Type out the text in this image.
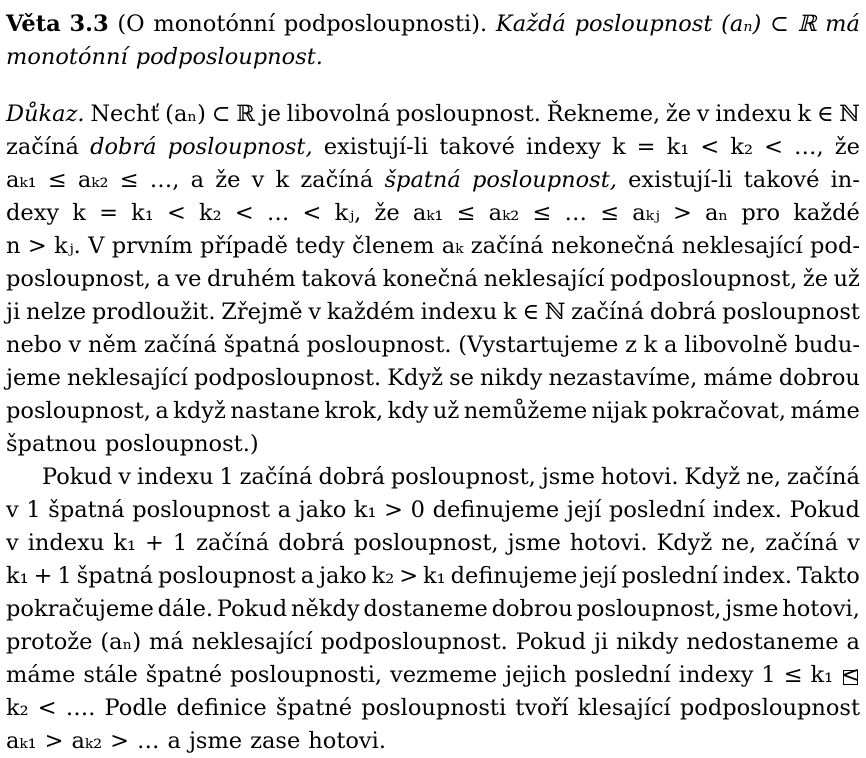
Věta 3.3 (O monotónní podposloupnosti). Každá posloupnost (aₙ) ⊂ ℝ má
monotónní podposloupnost.
Důkaz. Nechť (aₙ) ⊂ ℝ je libovolná posloupnost. Řekneme, že v indexu k ∈ ℕ
začíná dobrá posloupnost, existují-li takové indexy k = k₁ < k₂ < …, že
aₖ₁ ≤ aₖ₂ ≤ …, a že v k začíná špatná posloupnost, existují-li takové in-
dexy k = k₁ < k₂ < … < kⱼ, že aₖ₁ ≤ aₖ₂ ≤ … ≤ aₖⱼ > aₙ pro každé
n > kⱼ. V prvním případě tedy členem aₖ začíná nekonečná neklesající pod-
posloupnost, a ve druhém taková konečná neklesající podposloupnost, že už
ji nelze prodloužit. Zřejmě v každém indexu k ∈ ℕ začíná dobrá posloupnost
nebo v něm začíná špatná posloupnost. (Vystartujeme z k a libovolně budu-
jeme neklesající podposloupnost. Když se nikdy nezastavíme, máme dobrou
posloupnost, a když nastane krok, kdy už nemůžeme nijak pokračovat, máme
špatnou posloupnost.)
Pokud v indexu 1 začíná dobrá posloupnost, jsme hotovi. Když ne, začíná
v 1 špatná posloupnost a jako k₁ > 0 definujeme její poslední index. Pokud
v indexu k₁ + 1 začíná dobrá posloupnost, jsme hotovi. Když ne, začíná v
k₁ + 1 špatná posloupnost a jako k₂ > k₁ definujeme její poslední index. Takto
pokračujeme dále. Pokud někdy dostaneme dobrou posloupnost, jsme hotovi,
protože (aₙ) má neklesající podposloupnost. Pokud ji nikdy nedostaneme a
máme stále špatné posloupnosti, vezmeme jejich poslední indexy 1 ≤ k₁ <
k₂ < …. Podle definice špatné posloupnosti tvoří klesající podposloupnost
aₖ₁ > aₖ₂ > … a jsme zase hotovi.
